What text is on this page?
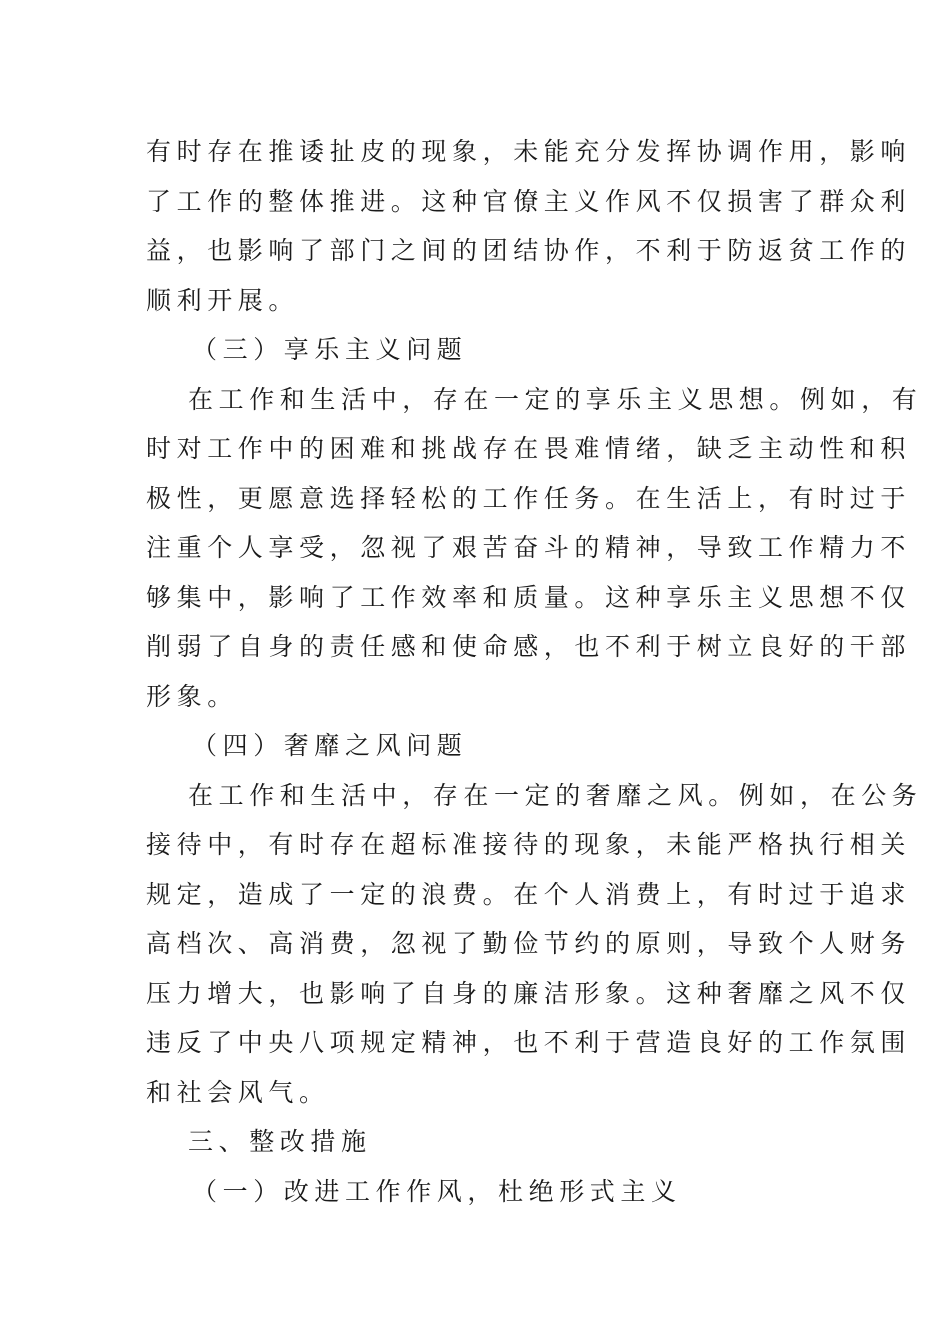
有时存在推诿扯皮的现象，未能充分发挥协调作用，影响
了工作的整体推进。这种官僚主义作风不仅损害了群众利
益，也影响了部门之间的团结协作，不利于防返贫工作的
顺利开展。
（三）享乐主义问题
在工作和生活中，存在一定的享乐主义思想。例如，有
时对工作中的困难和挑战存在畏难情绪，缺乏主动性和积
极性，更愿意选择轻松的工作任务。在生活上，有时过于
注重个人享受，忽视了艰苦奋斗的精神，导致工作精力不
够集中，影响了工作效率和质量。这种享乐主义思想不仅
削弱了自身的责任感和使命感，也不利于树立良好的干部
形象。
（四）奢靡之风问题
在工作和生活中，存在一定的奢靡之风。例如，在公务
接待中，有时存在超标准接待的现象，未能严格执行相关
规定，造成了一定的浪费。在个人消费上，有时过于追求
高档次、高消费，忽视了勤俭节约的原则，导致个人财务
压力增大，也影响了自身的廉洁形象。这种奢靡之风不仅
违反了中央八项规定精神，也不利于营造良好的工作氛围
和社会风气。
三、整改措施
（一）改进工作作风，杜绝形式主义
